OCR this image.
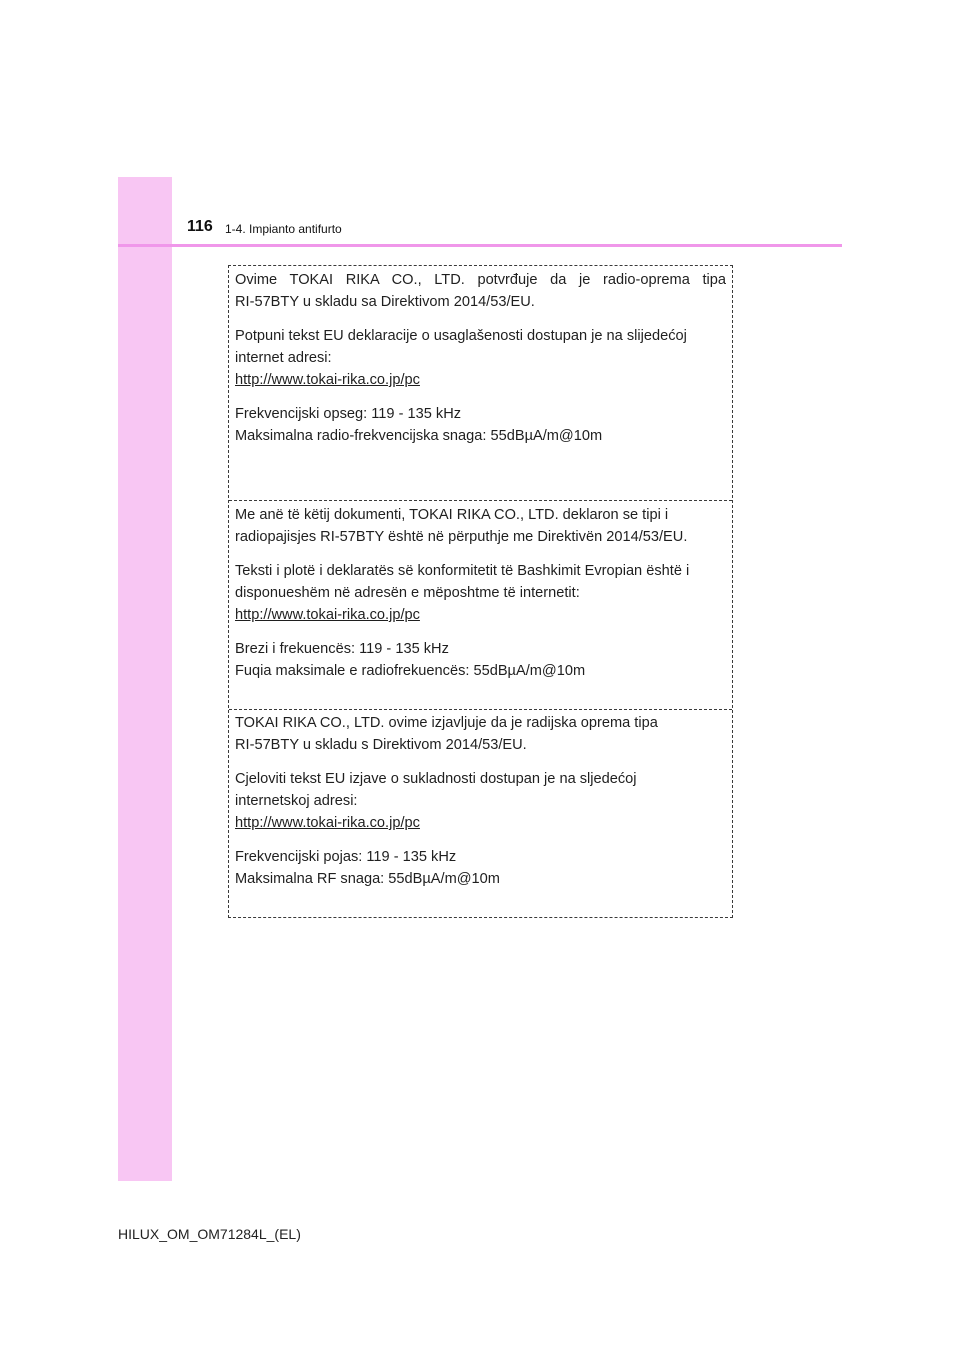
116 1-4. Impianto antifurto
Ovime TOKAI RIKA CO., LTD. potvrđuje da je radio-oprema tipa
RI-57BTY u skladu sa Direktivom 2014/53/EU.
Potpuni tekst EU deklaracije o usaglašenosti dostupan je na slijedećoj
internet adresi:
http://www.tokai-rika.co.jp/pc
Frekvencijski opseg: 119 - 135 kHz
Maksimalna radio-frekvencijska snaga: 55dBµA/m@10m
Me anë të këtij dokumenti, TOKAI RIKA CO., LTD. deklaron se tipi i
radiopajisjes RI-57BTY është në përputhje me Direktivën 2014/53/EU.
Teksti i plotë i deklaratës së konformitetit të Bashkimit Evropian është i
disponueshëm në adresën e mëposhtme të internetit:
http://www.tokai-rika.co.jp/pc
Brezi i frekuencës: 119 - 135 kHz
Fuqia maksimale e radiofrekuencës: 55dBµA/m@10m
TOKAI RIKA CO., LTD. ovime izjavljuje da je radijska oprema tipa
RI-57BTY u skladu s Direktivom 2014/53/EU.
Cjeloviti tekst EU izjave o sukladnosti dostupan je na sljedećoj
internetskoj adresi:
http://www.tokai-rika.co.jp/pc
Frekvencijski pojas: 119 - 135 kHz
Maksimalna RF snaga: 55dBµA/m@10m
HILUX_OM_OM71284L_(EL)
